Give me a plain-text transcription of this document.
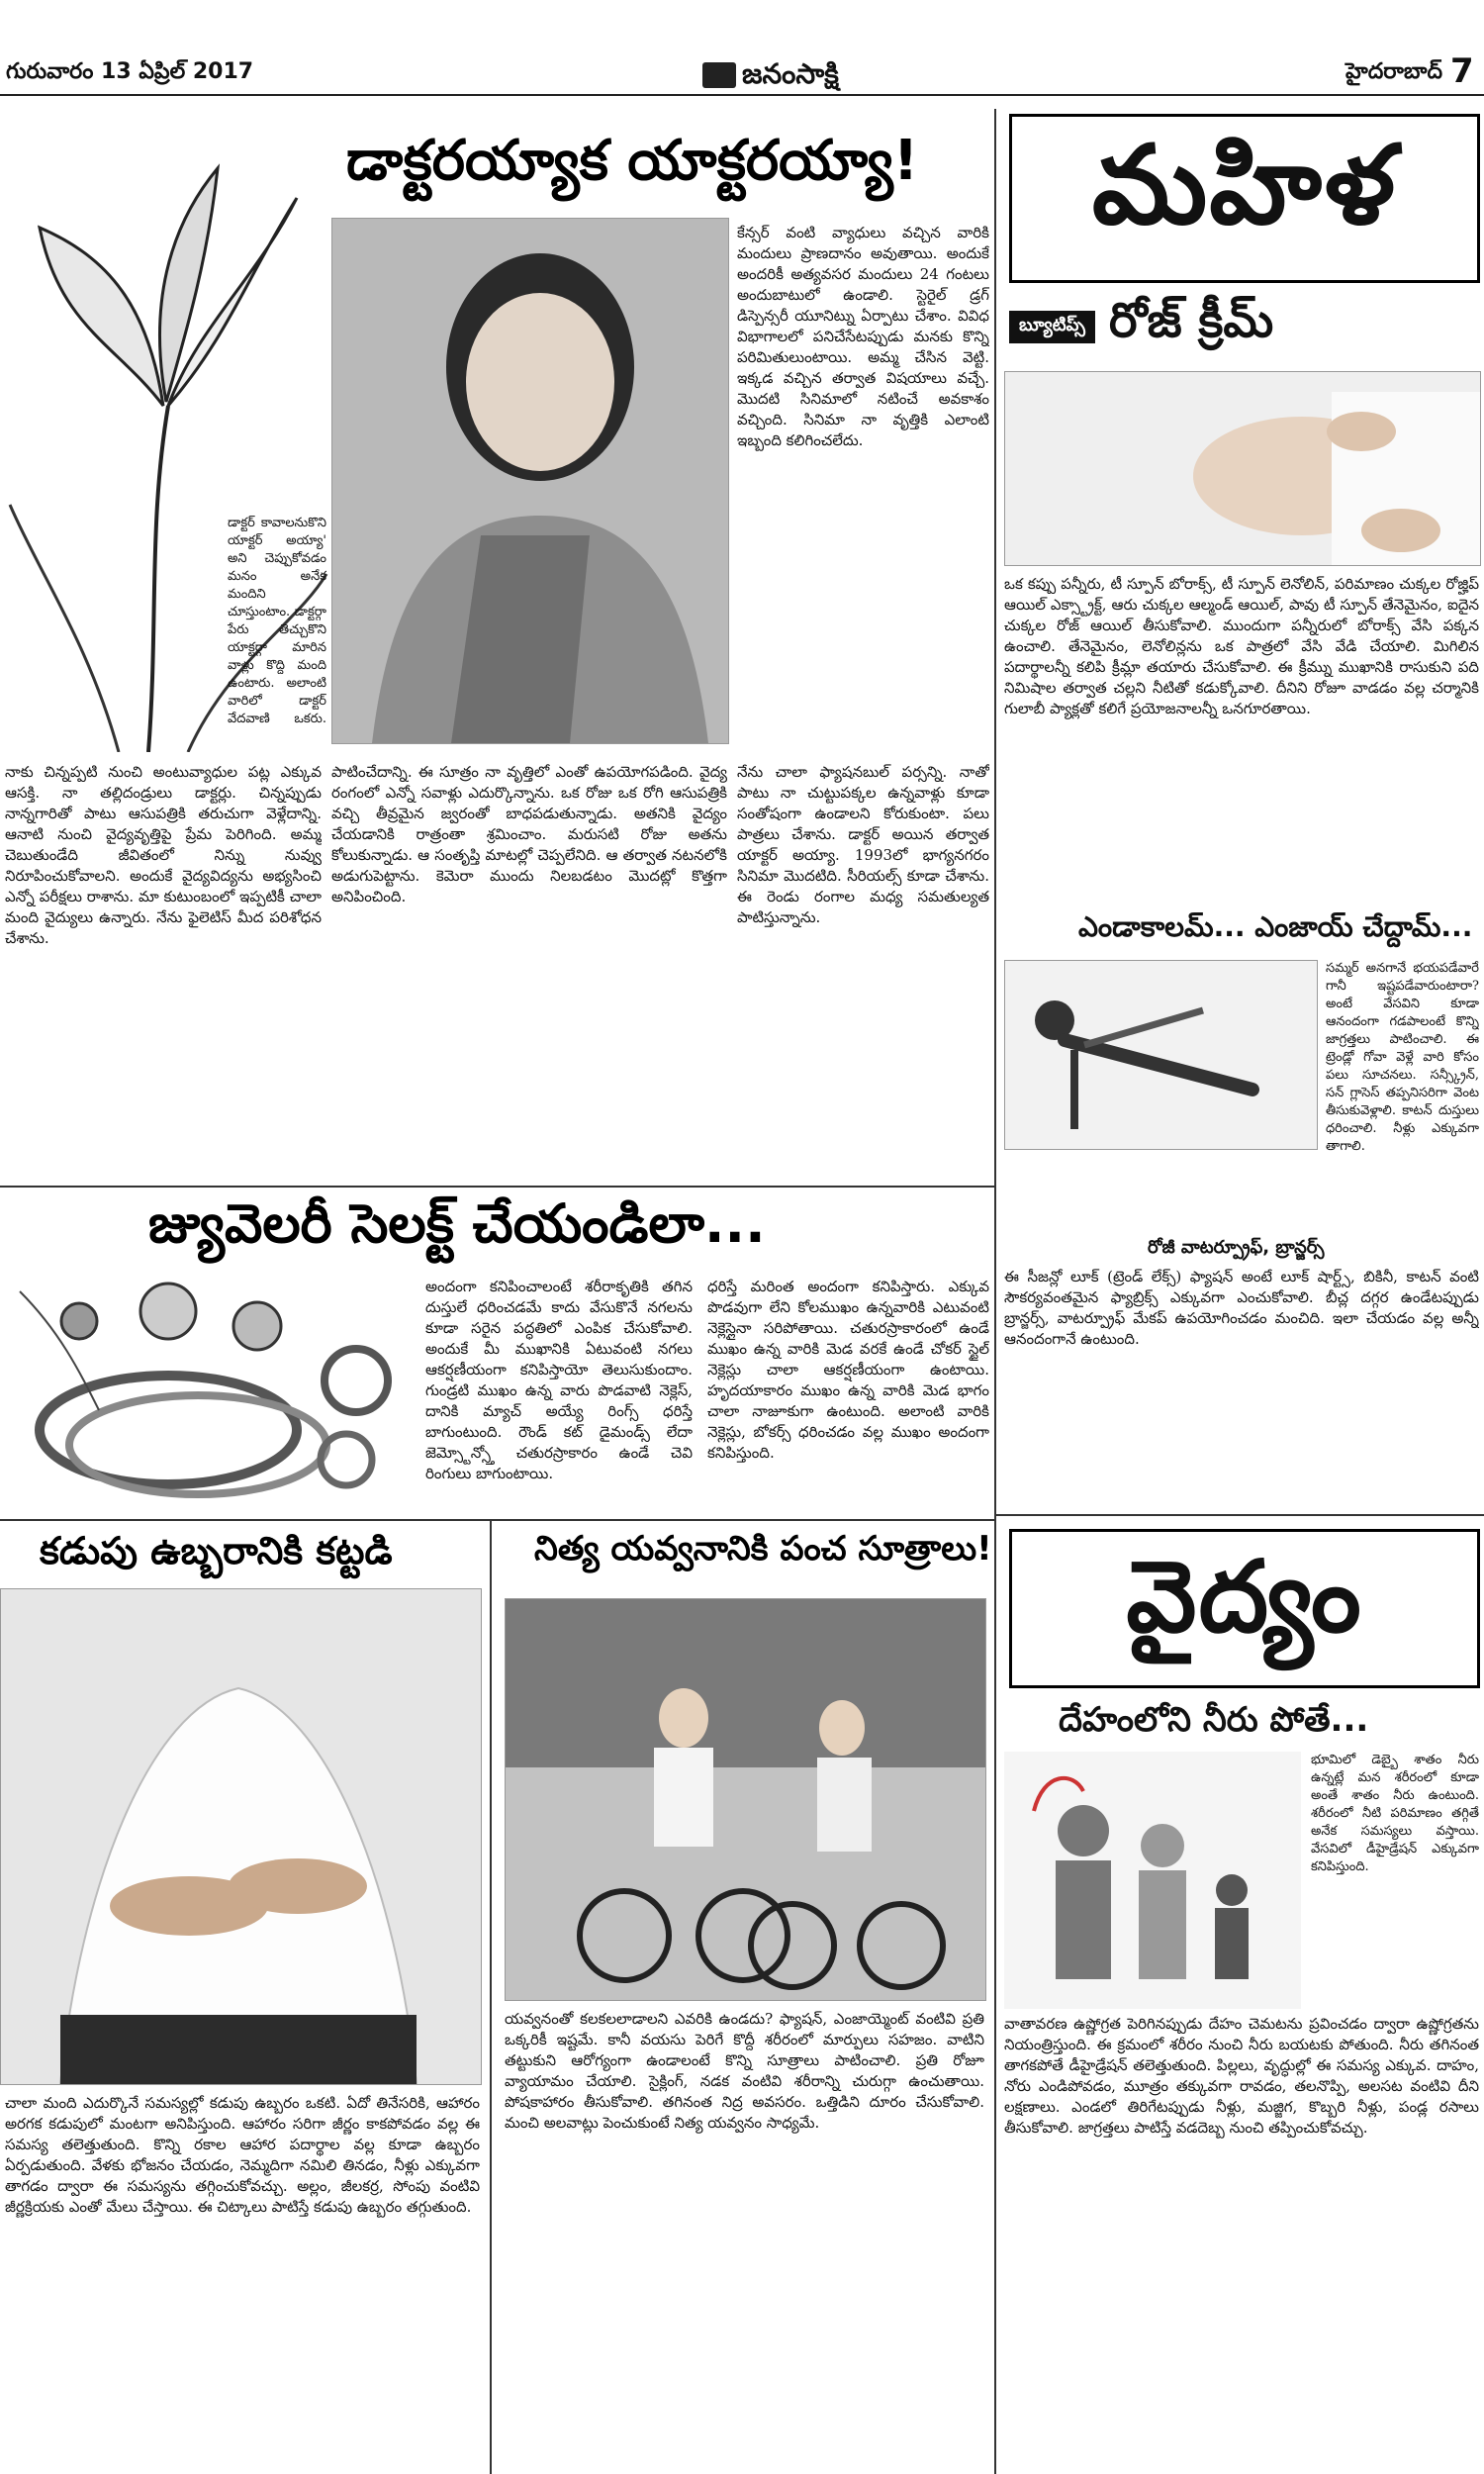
గురువారం 13 ఏప్రిల్ 2017	జనంసాక్షి	హైదరాబాద్ 7
డాక్టరయ్యాక యాక్టరయ్యా!
డాక్టర్ కావాలనుకొని యాక్టర్ అయ్యా' అని చెప్పుకోవడం మనం అనేక మందిని చూస్తుంటాం. డాక్టర్గా పేరు తెచ్చుకొని యాక్టర్గా మారిన వాళ్లు కొద్ది మంది ఉంటారు. అలాంటి వారిలో డాక్టర్ వేదవాణి ఒకరు.
నాకు చిన్నప్పటి నుంచి అంటువ్యాధుల పట్ల ఎక్కువ ఆసక్తి. నా తల్లిదండ్రులు డాక్టర్లు. చిన్నప్పుడు నాన్నగారితో పాటు ఆసుపత్రికి తరుచుగా వెళ్లేదాన్ని. ఆనాటి నుంచి వైద్యవృత్తిపై ప్రేమ పెరిగింది. అమ్మ చెబుతుండేది జీవితంలో నిన్ను నువ్వు నిరూపించుకోవాలని. అందుకే వైద్యవిద్యను అభ్యసించి ఎన్నో పరీక్షలు రాశాను. మా కుటుంబంలో ఇప్పటికీ చాలా మంది వైద్యులు ఉన్నారు. నేను ఫైలెటిస్ మీద పరిశోధన చేశాను.
పాటించేదాన్ని. ఈ సూత్రం నా వృత్తిలో ఎంతో ఉపయోగపడింది. వైద్య రంగంలో ఎన్నో సవాళ్లు ఎదుర్కొన్నాను. ఒక రోజు ఒక రోగి ఆసుపత్రికి వచ్చి తీవ్రమైన జ్వరంతో బాధపడుతున్నాడు. అతనికి వైద్యం చేయడానికి రాత్రంతా శ్రమించాం. మరుసటి రోజు అతను కోలుకున్నాడు. ఆ సంతృప్తి మాటల్లో చెప్పలేనిది. ఆ తర్వాత నటనలోకి అడుగుపెట్టాను. కెమెరా ముందు నిలబడటం మొదట్లో కొత్తగా అనిపించింది.
కేన్సర్ వంటి వ్యాధులు వచ్చిన వారికి మందులు ప్రాణదానం అవుతాయి. అందుకే అందరికీ అత్యవసర మందులు 24 గంటలు అందుబాటులో ఉండాలి. స్టెరైల్ డ్రగ్ డిస్పెన్సరీ యూనిట్ను ఏర్పాటు చేశాం. వివిధ విభాగాలలో పనిచేసేటప్పుడు మనకు కొన్ని పరిమితులుంటాయి. అమ్మ చేసిన వెట్టి. ఇక్కడ వచ్చిన తర్వాత విషయాలు వచ్చే. మొదటి సినిమాలో నటించే అవకాశం వచ్చింది. సినిమా నా వృత్తికి ఎలాంటి ఇబ్బంది కలిగించలేదు.
నేను చాలా ఫ్యాషనబుల్ పర్సన్ని. నాతో పాటు నా చుట్టుపక్కల ఉన్నవాళ్లు కూడా సంతోషంగా ఉండాలని కోరుకుంటా. పలు పాత్రలు చేశాను. డాక్టర్ అయిన తర్వాత యాక్టర్ అయ్యా. 1993లో భాగ్యనగరం సినిమా మొదటిది. సీరియల్స్ కూడా చేశాను. ఈ రెండు రంగాల మధ్య సమతుల్యత పాటిస్తున్నాను.
జ్యువెలరీ సెలక్ట్ చేయండిలా...
అందంగా కనిపించాలంటే శరీరాకృతికి తగిన దుస్తులే ధరించడమే కాదు వేసుకొనే నగలను కూడా సరైన పద్ధతిలో ఎంపిక చేసుకోవాలి. అందుకే మీ ముఖానికి ఏటువంటి నగలు ఆకర్షణీయంగా కనిపిస్తాయో తెలుసుకుందాం. గుండ్రటి ముఖం ఉన్న వారు పొడవాటి నెక్లెస్, దానికి మ్యాచ్ అయ్యే రింగ్స్ ధరిస్తే బాగుంటుంది. రౌండ్ కట్ డైమండ్స్ లేదా జెమ్స్టోన్స్తో చతురస్రాకారం ఉండే చెవి రింగులు బాగుంటాయి.
ధరిస్తే మరింత అందంగా కనిపిస్తారు. ఎక్కువ పొడవుగా లేని కోలముఖం ఉన్నవారికి ఎటువంటి నెక్లెస్లైనా సరిపోతాయి. చతురస్రాకారంలో ఉండే ముఖం ఉన్న వారికి మెడ వరకే ఉండే చోకర్ స్టైల్ నెక్లెస్లు చాలా ఆకర్షణీయంగా ఉంటాయి. హృదయాకారం ముఖం ఉన్న వారికి మెడ భాగం చాలా నాజూకుగా ఉంటుంది. అలాంటి వారికి నెక్లెస్లు, బోకర్స్ ధరించడం వల్ల ముఖం అందంగా కనిపిస్తుంది.
కడుపు ఉబ్బరానికి కట్టడి
చాలా మంది ఎదుర్కొనే సమస్యల్లో కడుపు ఉబ్బరం ఒకటి. ఏదో తినేసరికి, ఆహారం అరగక కడుపులో మంటగా అనిపిస్తుంది. ఆహారం సరిగా జీర్ణం కాకపోవడం వల్ల ఈ సమస్య తలెత్తుతుంది. కొన్ని రకాల ఆహార పదార్థాల వల్ల కూడా ఉబ్బరం ఏర్పడుతుంది. వేళకు భోజనం చేయడం, నెమ్మదిగా నమిలి తినడం, నీళ్లు ఎక్కువగా తాగడం ద్వారా ఈ సమస్యను తగ్గించుకోవచ్చు. అల్లం, జీలకర్ర, సోంపు వంటివి జీర్ణక్రియకు ఎంతో మేలు చేస్తాయి. ఈ చిట్కాలు పాటిస్తే కడుపు ఉబ్బరం తగ్గుతుంది.
నిత్య యవ్వనానికి పంచ సూత్రాలు!
యవ్వనంతో కలకలలాడాలని ఎవరికి ఉండదు? ఫ్యాషన్, ఎంజాయ్మెంట్ వంటివి ప్రతి ఒక్కరికీ ఇష్టమే. కానీ వయసు పెరిగే కొద్దీ శరీరంలో మార్పులు సహజం. వాటిని తట్టుకుని ఆరోగ్యంగా ఉండాలంటే కొన్ని సూత్రాలు పాటించాలి. ప్రతి రోజూ వ్యాయామం చేయాలి. సైక్లింగ్, నడక వంటివి శరీరాన్ని చురుగ్గా ఉంచుతాయి. పోషకాహారం తీసుకోవాలి. తగినంత నిద్ర అవసరం. ఒత్తిడిని దూరం చేసుకోవాలి. మంచి అలవాట్లు పెంచుకుంటే నిత్య యవ్వనం సాధ్యమే.
మహిళ
బ్యూటిప్స్ రోజ్ క్రీమ్
ఒక కప్పు పన్నీరు, టీ స్పూన్ బోరాక్స్, టీ స్పూన్ లెనోలిన్, పరిమాణం చుక్కల రోజ్హిప్ ఆయిల్ ఎక్స్ట్రాక్ట్, ఆరు చుక్కల ఆల్మండ్ ఆయిల్, పావు టీ స్పూన్ తేనెమైనం, ఐదైన చుక్కల రోజ్ ఆయిల్ తీసుకోవాలి. ముందుగా పన్నీరులో బోరాక్స్ వేసి పక్కన ఉంచాలి. తేనెమైనం, లెనోలిన్లను ఒక పాత్రలో వేసి వేడి చేయాలి. మిగిలిన పదార్థాలన్నీ కలిపి క్రీమ్లా తయారు చేసుకోవాలి. ఈ క్రీమ్ను ముఖానికి రాసుకుని పది నిమిషాల తర్వాత చల్లని నీటితో కడుక్కోవాలి. దీనిని రోజూ వాడడం వల్ల చర్మానికి గులాబీ ప్యాక్లతో కలిగే ప్రయోజనాలన్నీ ఒనగూరతాయి.
ఎండాకాలమ్... ఎంజాయ్ చేద్దామ్...
సమ్మర్ అనగానే భయపడేవారే గానీ ఇష్టపడేవారుంటారా? అంటే వేసవిని కూడా ఆనందంగా గడపాలంటే కొన్ని జాగ్రత్తలు పాటించాలి. ఈ ట్రెండ్లో గోవా వెళ్లే వారి కోసం పలు సూచనలు. సన్స్క్రీన్, సన్ గ్లాసెస్ తప్పనిసరిగా వెంట తీసుకువెళ్లాలి. కాటన్ దుస్తులు ధరించాలి. నీళ్లు ఎక్కువగా తాగాలి.
రోజీ వాటర్ప్రూఫ్, బ్రాన్జర్స్
ఈ సీజన్లో లూక్ (ట్రెండ్ లేక్స్) ఫ్యాషన్ అంటే లూక్ షార్ట్స్, బికినీ, కాటన్ వంటి సౌకర్యవంతమైన ఫ్యాబ్రిక్స్ ఎక్కువగా ఎంచుకోవాలి. బీచ్ల దగ్గర ఉండేటప్పుడు బ్రాన్జర్స్, వాటర్ప్రూఫ్ మేకప్ ఉపయోగించడం మంచిది. ఇలా చేయడం వల్ల అన్నీ ఆనందంగానే ఉంటుంది.
వైద్యం
దేహంలోని నీరు పోతే...
భూమిలో డెబ్బై శాతం నీరు ఉన్నట్లే మన శరీరంలో కూడా అంతే శాతం నీరు ఉంటుంది. శరీరంలో నీటి పరిమాణం తగ్గితే అనేక సమస్యలు వస్తాయి. వేసవిలో డీహైడ్రేషన్ ఎక్కువగా కనిపిస్తుంది.
వాతావరణ ఉష్ణోగ్రత పెరిగినప్పుడు దేహం చెమటను ప్రవించడం ద్వారా ఉష్ణోగ్రతను నియంత్రిస్తుంది. ఈ క్రమంలో శరీరం నుంచి నీరు బయటకు పోతుంది. నీరు తగినంత తాగకపోతే డీహైడ్రేషన్ తలెత్తుతుంది. పిల్లలు, వృద్ధుల్లో ఈ సమస్య ఎక్కువ. దాహం, నోరు ఎండిపోవడం, మూత్రం తక్కువగా రావడం, తలనొప్పి, అలసట వంటివి దీని లక్షణాలు. ఎండలో తిరిగేటప్పుడు నీళ్లు, మజ్జిగ, కొబ్బరి నీళ్లు, పండ్ల రసాలు తీసుకోవాలి. జాగ్రత్తలు పాటిస్తే వడదెబ్బ నుంచి తప్పించుకోవచ్చు.
